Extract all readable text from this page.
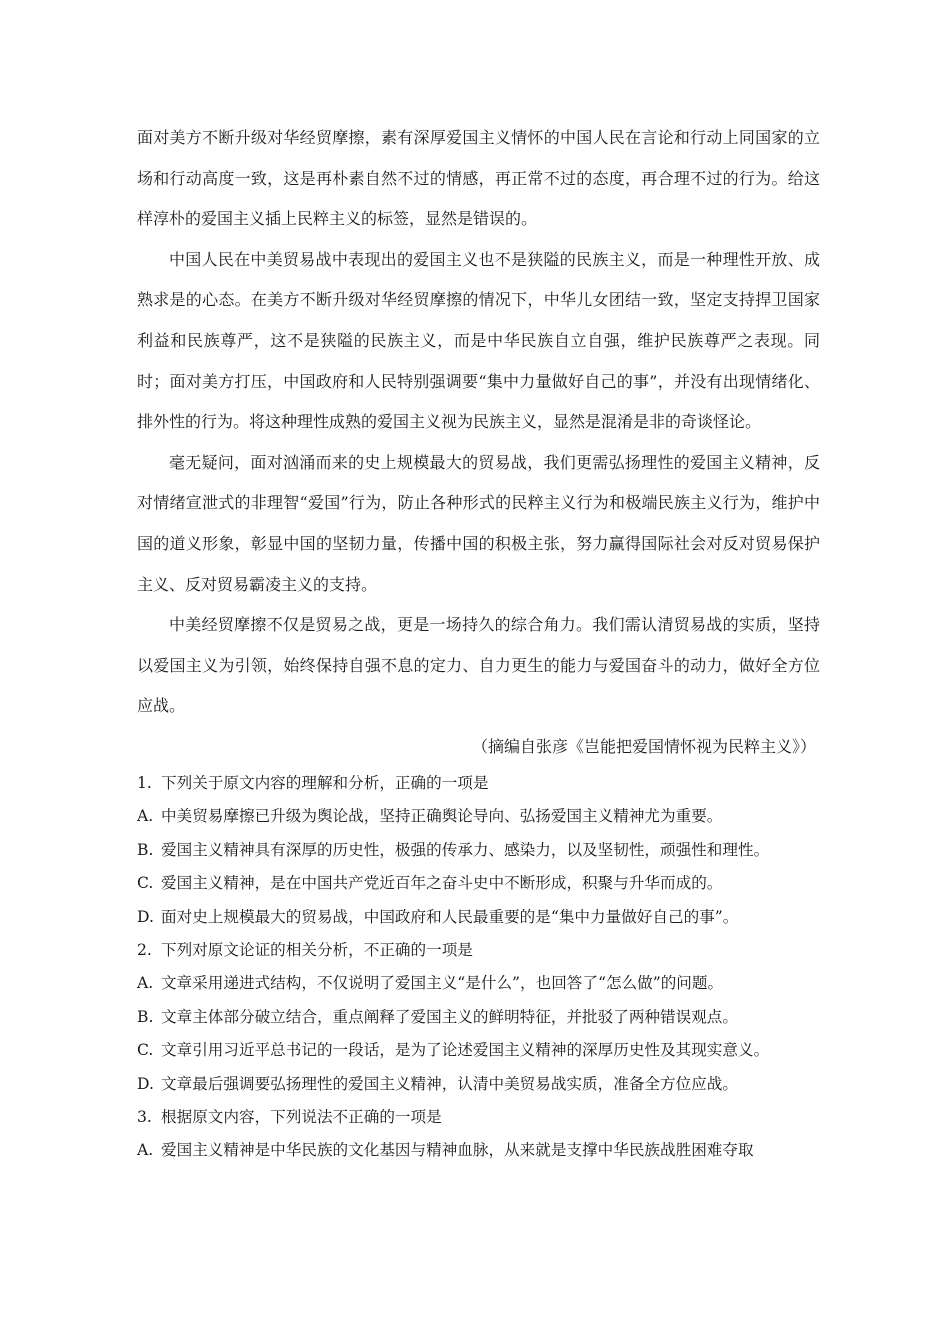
面对美方不断升级对华经贸摩擦，素有深厚爱国主义情怀的中国人民在言论和行动上同国家的立场和行动高度一致，这是再朴素自然不过的情感，再正常不过的态度，再合理不过的行为。给这样淳朴的爱国主义插上民粹主义的标签，显然是错误的。

中国人民在中美贸易战中表现出的爱国主义也不是狭隘的民族主义，而是一种理性开放、成熟求是的心态。在美方不断升级对华经贸摩擦的情况下，中华儿女团结一致，坚定支持捍卫国家利益和民族尊严，这不是狭隘的民族主义，而是中华民族自立自强，维护民族尊严之表现。同时；面对美方打压，中国政府和人民特别强调要“集中力量做好自己的事”，并没有出现情绪化、排外性的行为。将这种理性成熟的爱国主义视为民族主义，显然是混淆是非的奇谈怪论。

毫无疑问，面对汹涌而来的史上规模最大的贸易战，我们更需弘扬理性的爱国主义精神，反对情绪宣泄式的非理智“爱国”行为，防止各种形式的民粹主义行为和极端民族主义行为，维护中国的道义形象，彰显中国的坚韧力量，传播中国的积极主张，努力赢得国际社会对反对贸易保护主义、反对贸易霸凌主义的支持。

中美经贸摩擦不仅是贸易之战，更是一场持久的综合角力。我们需认清贸易战的实质，坚持以爱国主义为引领，始终保持自强不息的定力、自力更生的能力与爱国奋斗的动力，做好全方位应战。

（摘编自张彦《岂能把爱国情怀视为民粹主义》）

1. 下列关于原文内容的理解和分析，正确的一项是

A. 中美贸易摩擦已升级为舆论战，坚持正确舆论导向、弘扬爱国主义精神尤为重要。

B. 爱国主义精神具有深厚的历史性，极强的传承力、感染力，以及坚韧性，顽强性和理性。

C. 爱国主义精神，是在中国共产党近百年之奋斗史中不断形成，积聚与升华而成的。

D. 面对史上规模最大的贸易战，中国政府和人民最重要的是“集中力量做好自己的事”。

2. 下列对原文论证的相关分析，不正确的一项是

A. 文章采用递进式结构，不仅说明了爱国主义“是什么”，也回答了“怎么做”的问题。

B. 文章主体部分破立结合，重点阐释了爱国主义的鲜明特征，并批驳了两种错误观点。

C. 文章引用习近平总书记的一段话，是为了论述爱国主义精神的深厚历史性及其现实意义。

D. 文章最后强调要弘扬理性的爱国主义精神，认清中美贸易战实质，准备全方位应战。

3. 根据原文内容，下列说法不正确的一项是

A. 爱国主义精神是中华民族的文化基因与精神血脉，从来就是支撑中华民族战胜困难夺取
